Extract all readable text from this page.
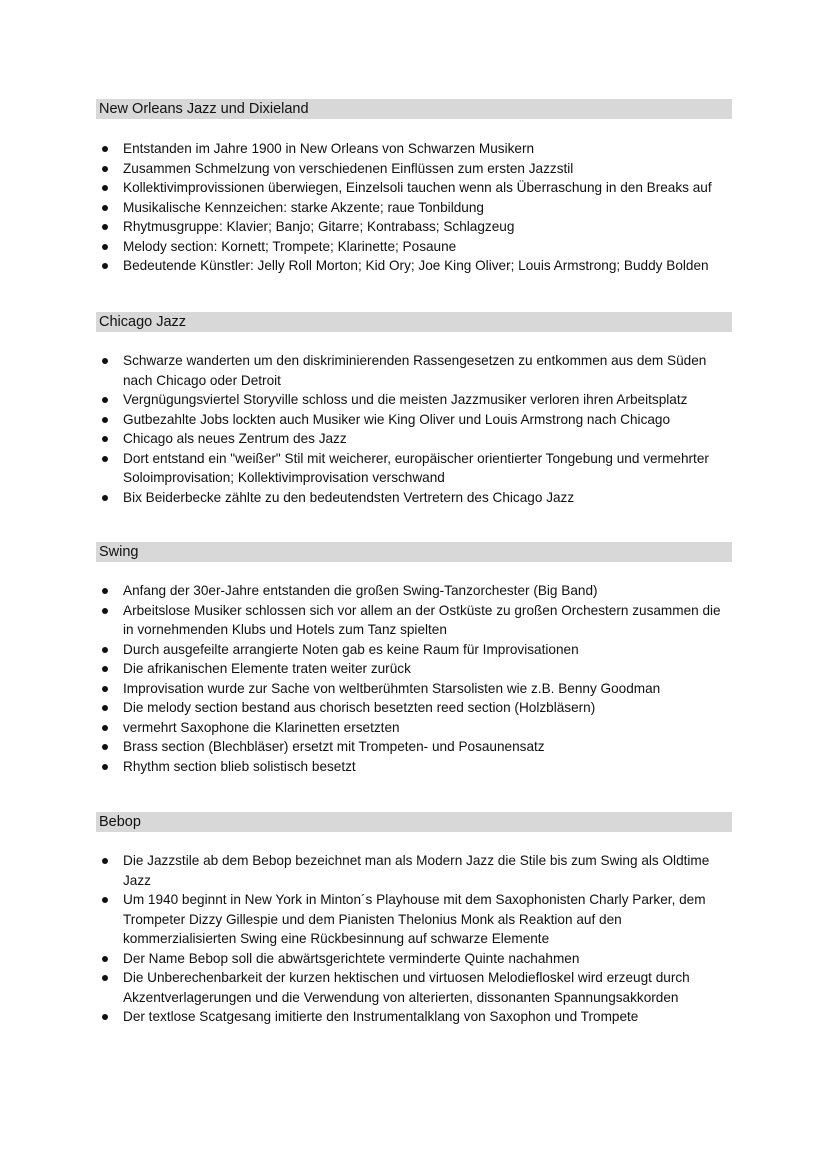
New Orleans Jazz und Dixieland
Entstanden im Jahre 1900 in New Orleans von Schwarzen Musikern
Zusammen Schmelzung von verschiedenen Einflüssen zum ersten Jazzstil
Kollektivimprovissionen überwiegen, Einzelsoli tauchen wenn als Überraschung in den Breaks auf
Musikalische Kennzeichen: starke Akzente; raue Tonbildung
Rhytmusgruppe: Klavier; Banjo; Gitarre; Kontrabass; Schlagzeug
Melody section: Kornett; Trompete; Klarinette; Posaune
Bedeutende Künstler: Jelly Roll Morton; Kid Ory; Joe King Oliver; Louis Armstrong; Buddy Bolden
Chicago Jazz
Schwarze wanderten um den diskriminierenden Rassengesetzen zu entkommen aus dem Süden nach Chicago oder Detroit
Vergnügungsviertel Storyville schloss und die meisten Jazzmusiker verloren ihren Arbeitsplatz
Gutbezahlte Jobs lockten auch Musiker wie King Oliver und Louis Armstrong nach Chicago
Chicago als neues Zentrum des Jazz
Dort entstand ein "weißer" Stil mit weicherer, europäischer orientierter Tongebung und vermehrter Soloimprovisation; Kollektivimprovisation verschwand
Bix Beiderbecke zählte zu den bedeutendsten Vertretern des Chicago Jazz
Swing
Anfang der 30er-Jahre entstanden die großen Swing-Tanzorchester (Big Band)
Arbeitslose Musiker schlossen sich vor allem an der Ostküste zu großen Orchestern zusammen die in vornehmenden Klubs und Hotels zum Tanz spielten
Durch ausgefeilte arrangierte Noten gab es keine Raum für Improvisationen
Die afrikanischen Elemente traten weiter zurück
Improvisation wurde zur Sache von weltberühmten Starsolisten wie z.B. Benny Goodman
Die melody section bestand aus chorisch besetzten reed section (Holzbläsern)
vermehrt Saxophone die Klarinetten ersetzten
Brass section (Blechbläser) ersetzt mit Trompeten- und Posaunensatz
Rhythm section blieb solistisch besetzt
Bebop
Die Jazzstile ab dem Bebop bezeichnet man als Modern Jazz die Stile bis zum Swing als Oldtime Jazz
Um 1940 beginnt in New York in Minton´s Playhouse mit dem Saxophonisten Charly Parker, dem Trompeter Dizzy Gillespie und dem Pianisten Thelonius Monk als Reaktion auf den kommerzialisierten Swing eine Rückbesinnung auf schwarze Elemente
Der Name Bebop soll die abwärtsgerichtete verminderte Quinte nachahmen
Die Unberechenbarkeit der kurzen hektischen und virtuosen Melodiefloskel wird erzeugt durch Akzentverlagerungen und die Verwendung von alterierten, dissonanten Spannungsakkorden
Der textlose Scatgesang imitierte den Instrumentalklang von Saxophon und Trompete
